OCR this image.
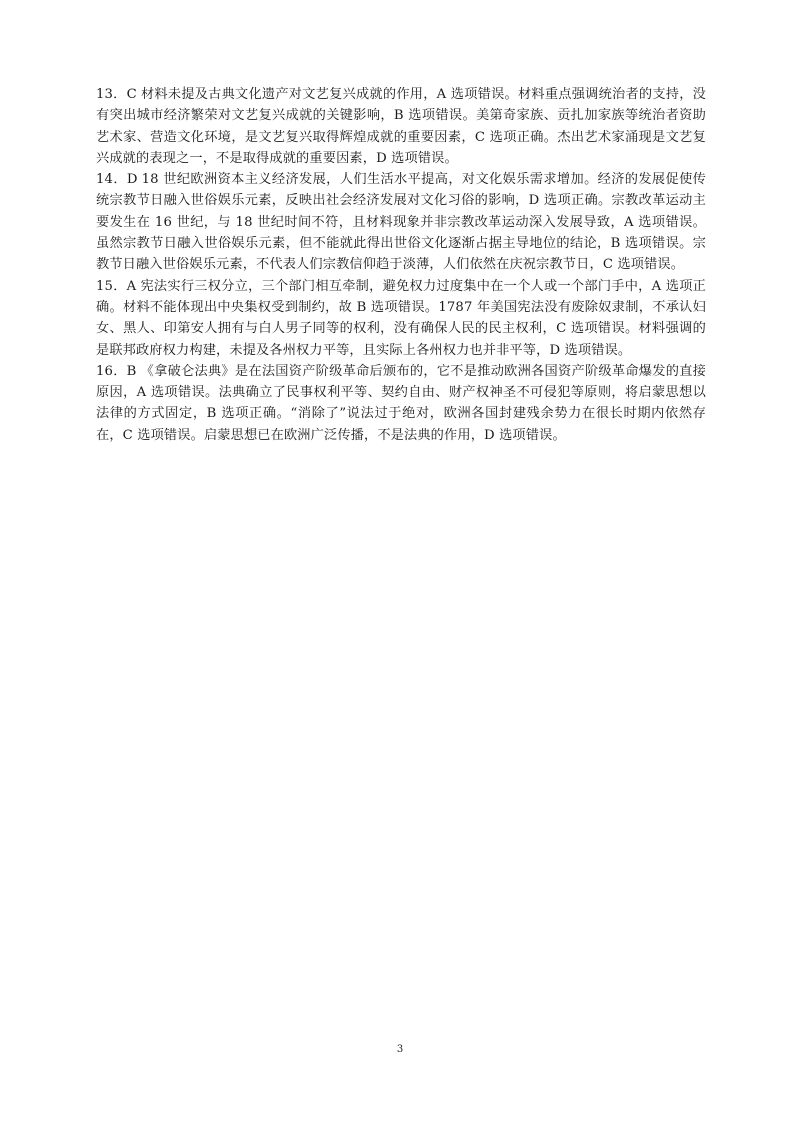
13．C 材料未提及古典文化遗产对文艺复兴成就的作用，A 选项错误。材料重点强调统治者的支持，没有突出城市经济繁荣对文艺复兴成就的关键影响，B 选项错误。美第奇家族、贡扎加家族等统治者资助艺术家、营造文化环境，是文艺复兴取得辉煌成就的重要因素，C 选项正确。杰出艺术家涌现是文艺复兴成就的表现之一，不是取得成就的重要因素，D 选项错误。

14．D 18 世纪欧洲资本主义经济发展，人们生活水平提高，对文化娱乐需求增加。经济的发展促使传统宗教节日融入世俗娱乐元素，反映出社会经济发展对文化习俗的影响，D 选项正确。宗教改革运动主要发生在 16 世纪，与 18 世纪时间不符，且材料现象并非宗教改革运动深入发展导致，A 选项错误。虽然宗教节日融入世俗娱乐元素，但不能就此得出世俗文化逐渐占据主导地位的结论，B 选项错误。宗教节日融入世俗娱乐元素，不代表人们宗教信仰趋于淡薄，人们依然在庆祝宗教节日，C 选项错误。

15．A 宪法实行三权分立，三个部门相互牵制，避免权力过度集中在一个人或一个部门手中，A 选项正确。材料不能体现出中央集权受到制约，故 B 选项错误。1787 年美国宪法没有废除奴隶制，不承认妇女、黑人、印第安人拥有与白人男子同等的权利，没有确保人民的民主权利，C 选项错误。材料强调的是联邦政府权力构建，未提及各州权力平等，且实际上各州权力也并非平等，D 选项错误。

16．B 《拿破仑法典》是在法国资产阶级革命后颁布的，它不是推动欧洲各国资产阶级革命爆发的直接原因，A 选项错误。法典确立了民事权利平等、契约自由、财产权神圣不可侵犯等原则，将启蒙思想以法律的方式固定，B 选项正确。“消除了”说法过于绝对，欧洲各国封建残余势力在很长时期内依然存在，C 选项错误。启蒙思想已在欧洲广泛传播，不是法典的作用，D 选项错误。

3
